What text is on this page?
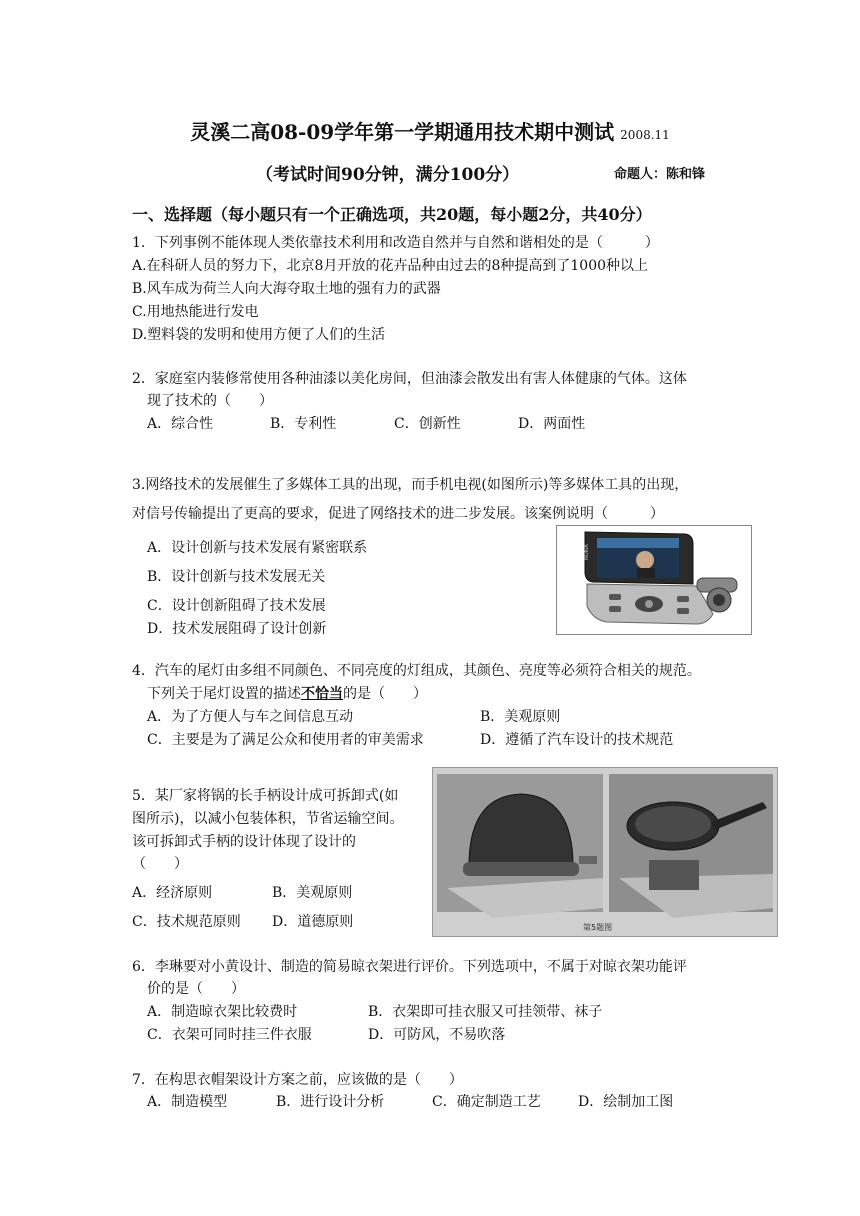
灵溪二高08-09学年第一学期通用技术期中测试 2008.11
（考试时间90分钟，满分100分）	命题人：陈和锋
一、选择题（每小题只有一个正确选项，共20题，每小题2分，共40分）
1．下列事例不能体现人类依靠技术利用和改造自然并与自然和谐相处的是（　　　）
A.在科研人员的努力下，北京8月开放的花卉品种由过去的8种提高到了1000种以上
B.风车成为荷兰人向大海夺取土地的强有力的武器
C.用地热能进行发电
D.塑料袋的发明和使用方便了人们的生活
2．家庭室内装修常使用各种油漆以美化房间，但油漆会散发出有害人体健康的气体。这体
现了技术的（　　）
A．综合性	B．专利性	C．创新性	D．两面性
3.网络技术的发展催生了多媒体工具的出现，而手机电视(如图所示)等多媒体工具的出现，
对信号传输提出了更高的要求，促进了网络技术的进二步发展。该案例说明（　　　）
A．设计创新与技术发展有紧密联系
B．设计创新与技术发展无关
C．设计创新阻碍了技术发展
D．技术发展阻碍了设计创新
NOKIA
4．汽车的尾灯由多组不同颜色、不同亮度的灯组成，其颜色、亮度等必须符合相关的规范。
下列关于尾灯设置的描述不恰当的是（　　）
A．为了方便人与车之间信息互动	B．美观原则
C．主要是为了满足公众和使用者的审美需求	D．遵循了汽车设计的技术规范
5．某厂家将锅的长手柄设计成可拆卸式(如
图所示)，以减小包装体积，节省运输空间。
该可拆卸式手柄的设计体现了设计的
（　　）
A．经济原则	B．美观原则
C．技术规范原则 D．道德原则	第5题图
6．李琳要对小黄设计、制造的简易晾衣架进行评价。下列选项中，不属于对晾衣架功能评
价的是（　　）
A．制造晾衣架比较费时	B．衣架即可挂衣服又可挂领带、袜子
C．衣架可同时挂三件衣服	D．可防风，不易吹落
7．在构思衣帽架设计方案之前，应该做的是（　　）
A．制造模型	B．进行设计分析	C．确定制造工艺	D．绘制加工图
